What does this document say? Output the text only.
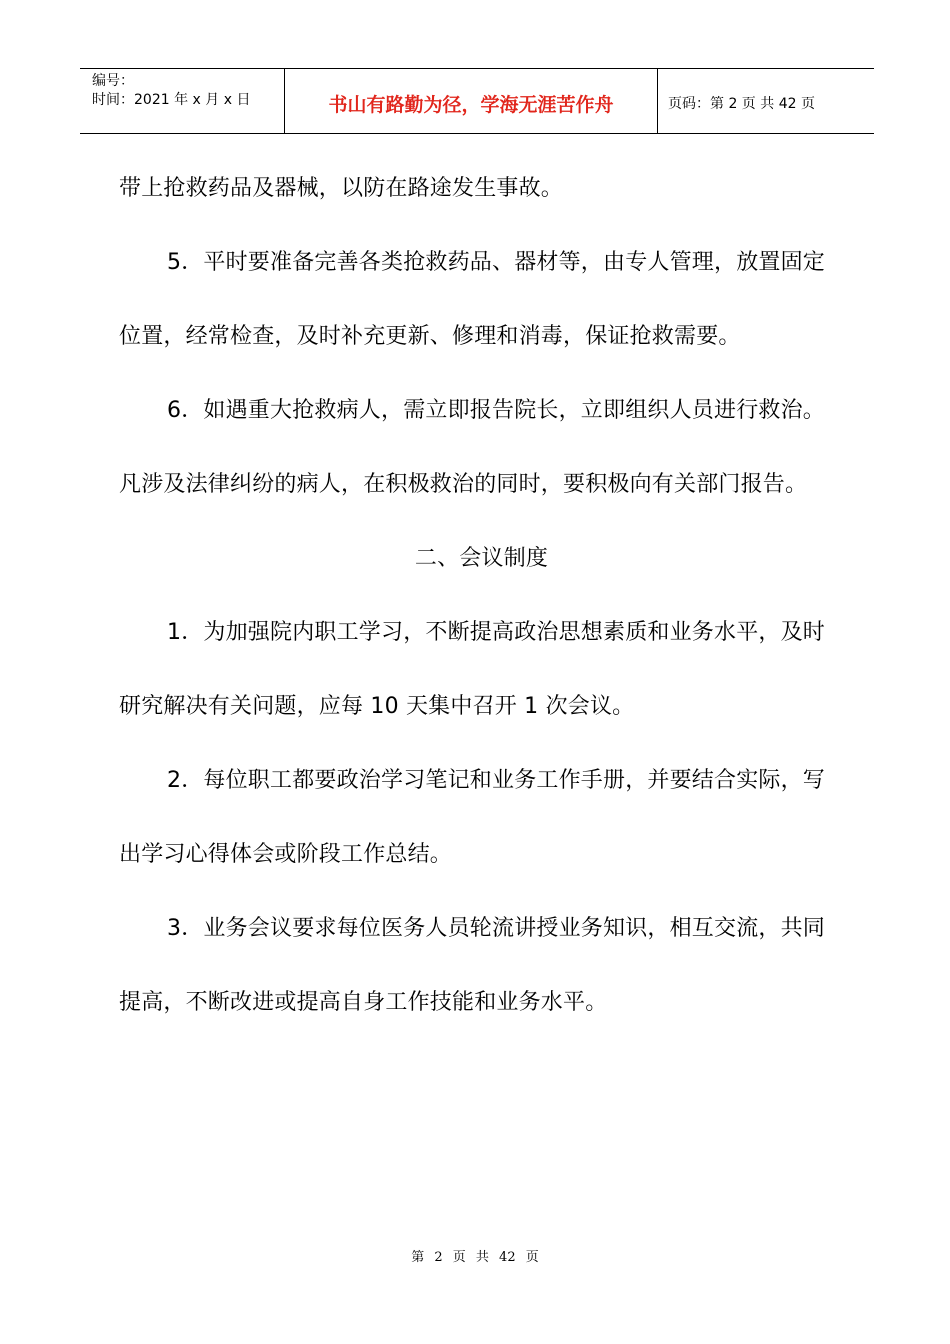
编号：
时间：2021 年 x 月 x 日	书山有路勤为径，学海无涯苦作舟	页码：第 2 页 共 42 页

带上抢救药品及器械，以防在路途发生事故。

5．平时要准备完善各类抢救药品、器材等，由专人管理，放置固定位置，经常检查，及时补充更新、修理和消毒，保证抢救需要。

6．如遇重大抢救病人，需立即报告院长，立即组织人员进行救治。凡涉及法律纠纷的病人，在积极救治的同时，要积极向有关部门报告。

二、会议制度

1．为加强院内职工学习，不断提高政治思想素质和业务水平，及时研究解决有关问题，应每 10 天集中召开 1 次会议。

2．每位职工都要政治学习笔记和业务工作手册，并要结合实际，写出学习心得体会或阶段工作总结。

3．业务会议要求每位医务人员轮流讲授业务知识，相互交流，共同提高，不断改进或提高自身工作技能和业务水平。

第 2 页 共 42 页
